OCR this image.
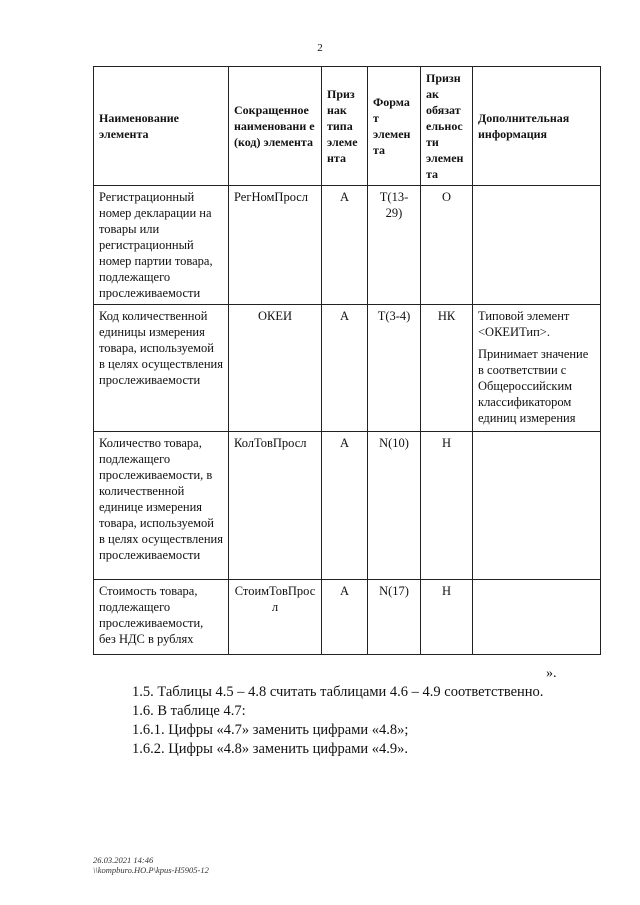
2
Наименование элемента	Сокращенное наименовани е (код) элемента	Приз нак типа элеме нта	Форма т элемен та	Призн ак обязат ельнос ти элемен та	Дополнительная информация
Регистрационный номер декларации на товары или регистрационный номер партии товара, подлежащего прослеживаемости	РегНомПросл	А	T(13-29)	О	

Код количественной единицы измерения товара, используемой в целях осуществления прослеживаемости	ОКЕИ	А	T(3-4)	НК	Типовой элемент <ОКЕИТип>.
Принимает значение в соответствии с Общероссийским классификатором единиц измерения

Количество товара, подлежащего прослеживаемости, в количественной единице измерения товара, используемой в целях осуществления прослеживаемости	КолТовПросл	А	N(10)	Н	

Стоимость товара, подлежащего прослеживаемости, без НДС в рублях	СтоимТовПросл	А	N(17)	Н	
».
1.5. Таблицы 4.5 – 4.8 считать таблицами 4.6 – 4.9 соответственно.
1.6. В таблице 4.7:
1.6.1. Цифры «4.7» заменить цифрами «4.8»;
1.6.2. Цифры «4.8» заменить цифрами «4.9».
26.03.2021 14:46
\\kompburo.HO.P\kpus-H5905-12
